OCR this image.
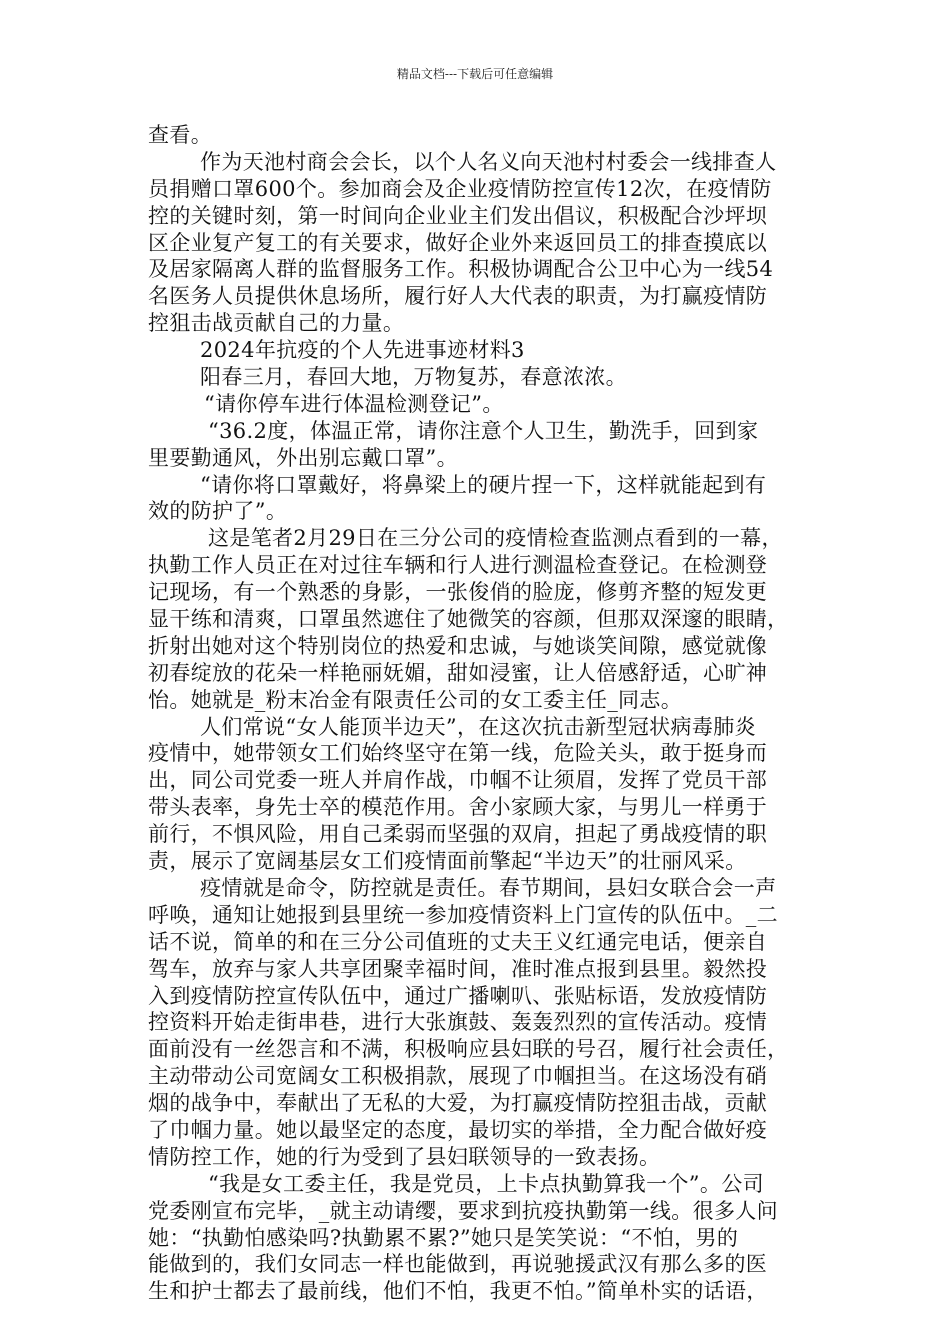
精品文档---下载后可任意编辑
查看。
作为天池村商会会长，以个人名义向天池村村委会一线排查人
员捐赠口罩600个。参加商会及企业疫情防控宣传12次，在疫情防
控的关键时刻，第一时间向企业业主们发出倡议，积极配合沙坪坝
区企业复产复工的有关要求，做好企业外来返回员工的排查摸底以
及居家隔离人群的监督服务工作。积极协调配合公卫中心为一线54
名医务人员提供休息场所，履行好人大代表的职责，为打赢疫情防
控狙击战贡献自己的力量。
2024年抗疫的个人先进事迹材料3
阳春三月，春回大地，万物复苏，春意浓浓。
“请你停车进行体温检测登记”。
“36.2度，体温正常，请你注意个人卫生，勤洗手，回到家
里要勤通风，外出别忘戴口罩”。
“请你将口罩戴好，将鼻梁上的硬片捏一下，这样就能起到有
效的防护了”。
这是笔者2月29日在三分公司的疫情检查监测点看到的一幕，
执勤工作人员正在对过往车辆和行人进行测温检查登记。在检测登
记现场，有一个熟悉的身影，一张俊俏的脸庞，修剪齐整的短发更
显干练和清爽，口罩虽然遮住了她微笑的容颜，但那双深邃的眼睛，
折射出她对这个特别岗位的热爱和忠诚，与她谈笑间隙，感觉就像
初春绽放的花朵一样艳丽妩媚，甜如浸蜜，让人倍感舒适，心旷神
怡。她就是_粉末冶金有限责任公司的女工委主任_同志。
人们常说“女人能顶半边天”，在这次抗击新型冠状病毒肺炎
疫情中，她带领女工们始终坚守在第一线，危险关头，敢于挺身而
出，同公司党委一班人并肩作战，巾帼不让须眉，发挥了党员干部
带头表率，身先士卒的模范作用。舍小家顾大家，与男儿一样勇于
前行，不惧风险，用自己柔弱而坚强的双肩，担起了勇战疫情的职
责，展示了宽阔基层女工们疫情面前擎起“半边天”的壮丽风采。
疫情就是命令，防控就是责任。春节期间，县妇女联合会一声
呼唤，通知让她报到县里统一参加疫情资料上门宣传的队伍中。_二
话不说，简单的和在三分公司值班的丈夫王义红通完电话，便亲自
驾车，放弃与家人共享团聚幸福时间，准时准点报到县里。毅然投
入到疫情防控宣传队伍中，通过广播喇叭、张贴标语，发放疫情防
控资料开始走街串巷，进行大张旗鼓、轰轰烈烈的宣传活动。疫情
面前没有一丝怨言和不满，积极响应县妇联的号召，履行社会责任，
主动带动公司宽阔女工积极捐款，展现了巾帼担当。在这场没有硝
烟的战争中，奉献出了无私的大爱，为打赢疫情防控狙击战，贡献
了巾帼力量。她以最坚定的态度，最切实的举措，全力配合做好疫
情防控工作，她的行为受到了县妇联领导的一致表扬。
“我是女工委主任，我是党员，上卡点执勤算我一个”。公司
党委刚宣布完毕，_就主动请缨，要求到抗疫执勤第一线。很多人问
她：“执勤怕感染吗?执勤累不累?”她只是笑笑说：“不怕，男的
能做到的，我们女同志一样也能做到，再说驰援武汉有那么多的医
生和护士都去了最前线，他们不怕，我更不怕。”简单朴实的话语，
